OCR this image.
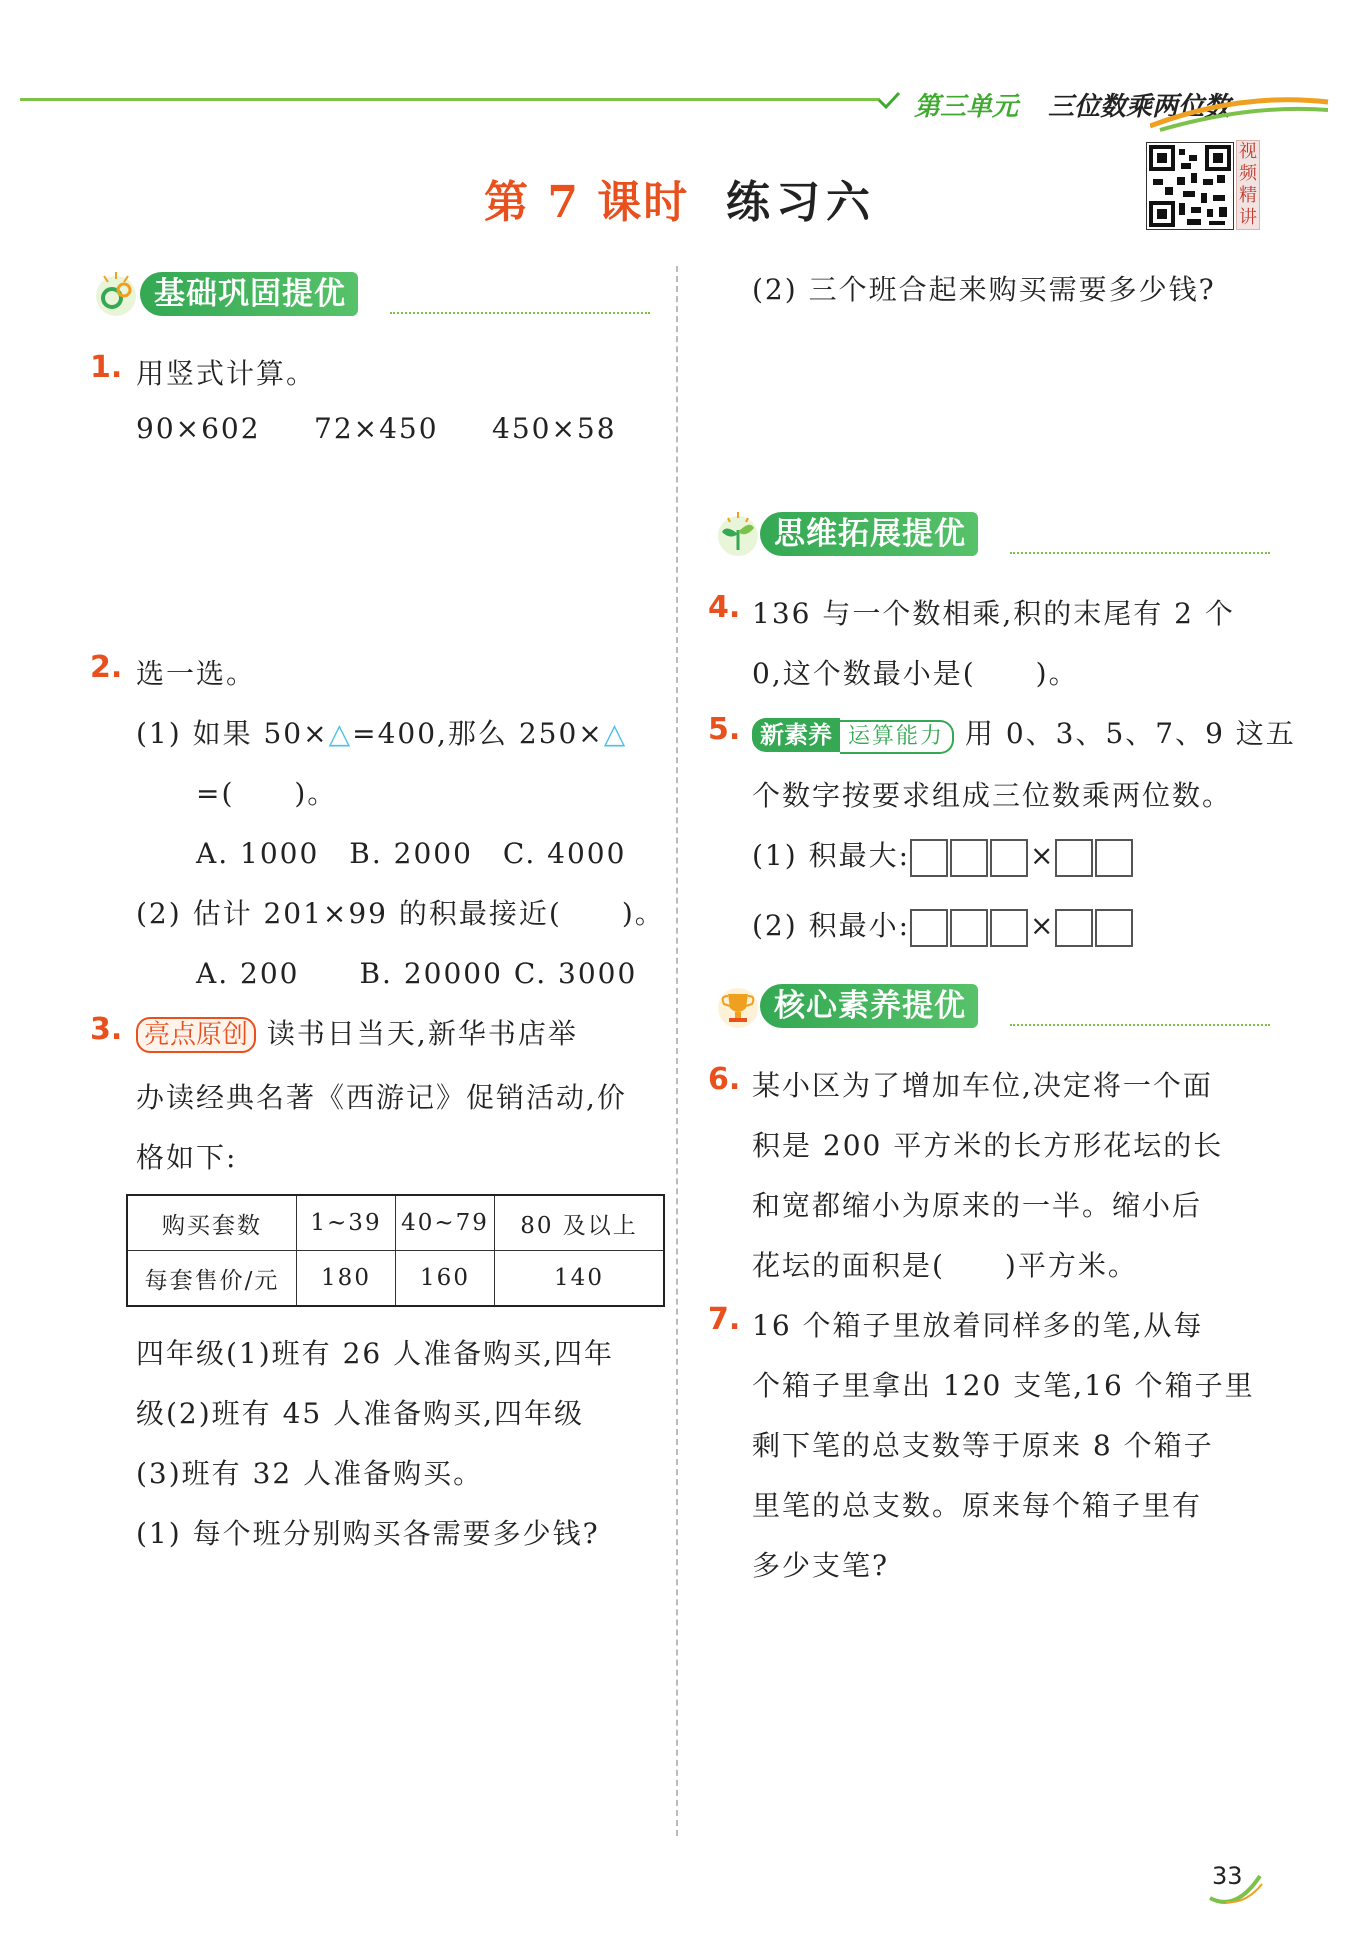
第三单元 三位数乘两位数
第 7 课时 练习六
视频精讲
基础巩固提优
1. 用竖式计算。
90×602 72×450 450×58
2. 选一选。
(1) 如果 50×△=400,那么 250×△
=(　　)。
A. 1000　B. 2000　C. 4000
(2) 估计 201×99 的积最接近(　　)。
A. 200　　B. 20000 C. 3000
3. 亮点原创 读书日当天,新华书店举
办读经典名著《西游记》促销活动,价
格如下:
购买套数	1~39	40~79	80 及以上
每套售价/元	180	160	140
四年级(1)班有 26 人准备购买,四年
级(2)班有 45 人准备购买,四年级
(3)班有 32 人准备购买。
(1) 每个班分别购买各需要多少钱?
(2) 三个班合起来购买需要多少钱?
思维拓展提优
4. 136 与一个数相乘,积的末尾有 2 个
0,这个数最小是(　　)。
5. 新素养 运算能力 用 0、3、5、7、9 这五
个数字按要求组成三位数乘两位数。
(1) 积最大:	×
(2) 积最小:	×
核心素养提优
6. 某小区为了增加车位,决定将一个面
积是 200 平方米的长方形花坛的长
和宽都缩小为原来的一半。缩小后
花坛的面积是(　　)平方米。
7. 16 个箱子里放着同样多的笔,从每
个箱子里拿出 120 支笔,16 个箱子里
剩下笔的总支数等于原来 8 个箱子
里笔的总支数。原来每个箱子里有
多少支笔?
33
